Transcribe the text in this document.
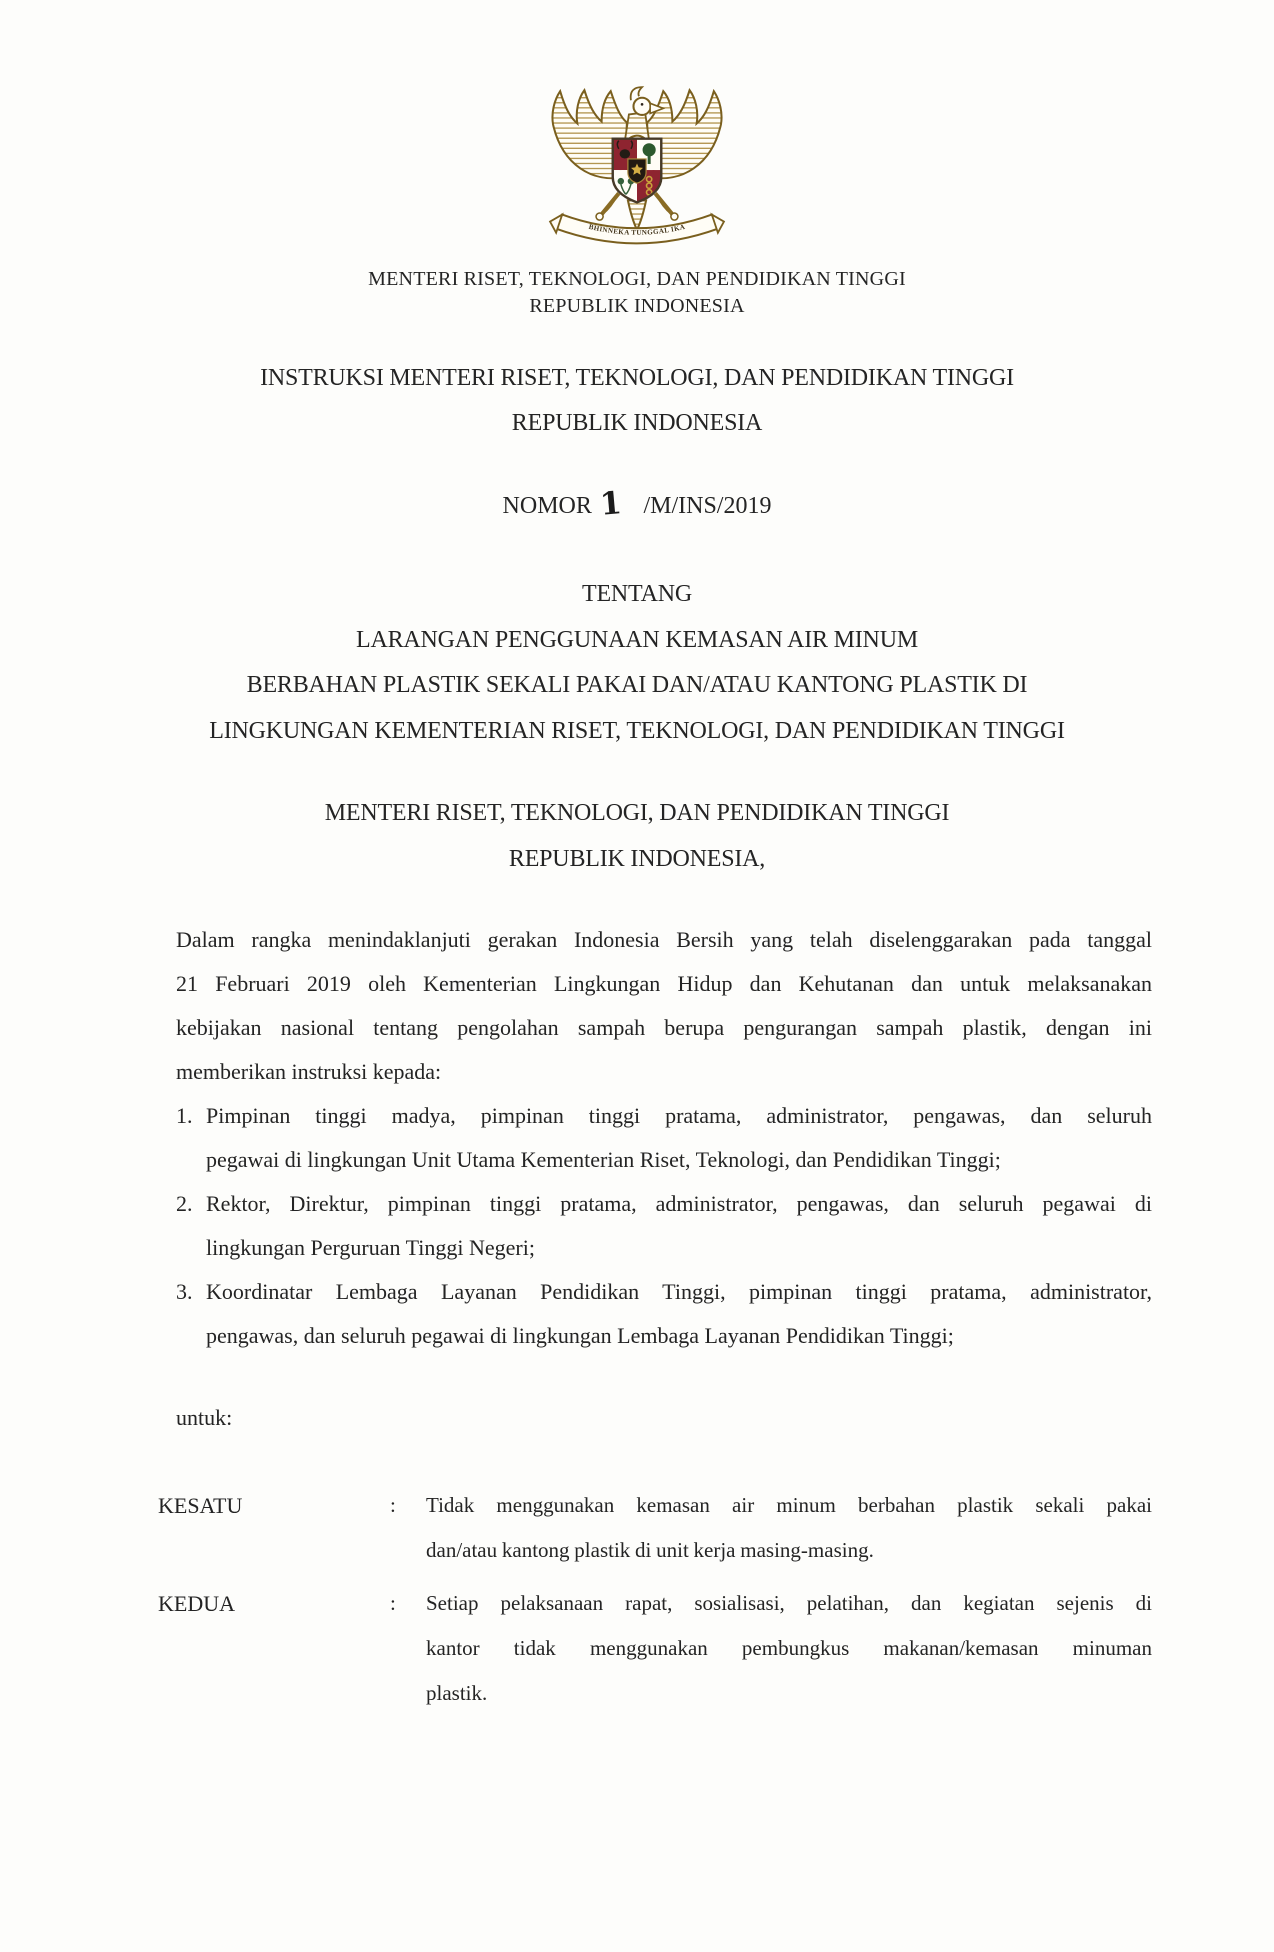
BHINNEKA TUNGGAL IKA
MENTERI RISET, TEKNOLOGI, DAN PENDIDIKAN TINGGI
REPUBLIK INDONESIA
INSTRUKSI MENTERI RISET, TEKNOLOGI, DAN PENDIDIKAN TINGGI
REPUBLIK INDONESIA
NOMOR 1 /M/INS/2019
TENTANG
LARANGAN PENGGUNAAN KEMASAN AIR MINUM
BERBAHAN PLASTIK SEKALI PAKAI DAN/ATAU KANTONG PLASTIK DI
LINGKUNGAN KEMENTERIAN RISET, TEKNOLOGI, DAN PENDIDIKAN TINGGI
MENTERI RISET, TEKNOLOGI, DAN PENDIDIKAN TINGGI
REPUBLIK INDONESIA,
Dalam rangka menindaklanjuti gerakan Indonesia Bersih yang telah diselenggarakan pada tanggal
21 Februari 2019 oleh Kementerian Lingkungan Hidup dan Kehutanan dan untuk melaksanakan
kebijakan nasional tentang pengolahan sampah berupa pengurangan sampah plastik, dengan ini
memberikan instruksi kepada:
1. Pimpinan tinggi madya, pimpinan tinggi pratama, administrator, pengawas, dan seluruh
pegawai di lingkungan Unit Utama Kementerian Riset, Teknologi, dan Pendidikan Tinggi;
2. Rektor, Direktur, pimpinan tinggi pratama, administrator, pengawas, dan seluruh pegawai di
lingkungan Perguruan Tinggi Negeri;
3. Koordinatar Lembaga Layanan Pendidikan Tinggi, pimpinan tinggi pratama, administrator,
pengawas, dan seluruh pegawai di lingkungan Lembaga Layanan Pendidikan Tinggi;
untuk:
KESATU	:	Tidak menggunakan kemasan air minum berbahan plastik sekali pakai
dan/atau kantong plastik di unit kerja masing-masing.
KEDUA	:	Setiap pelaksanaan rapat, sosialisasi, pelatihan, dan kegiatan sejenis di
kantor tidak menggunakan pembungkus makanan/kemasan minuman
plastik.
